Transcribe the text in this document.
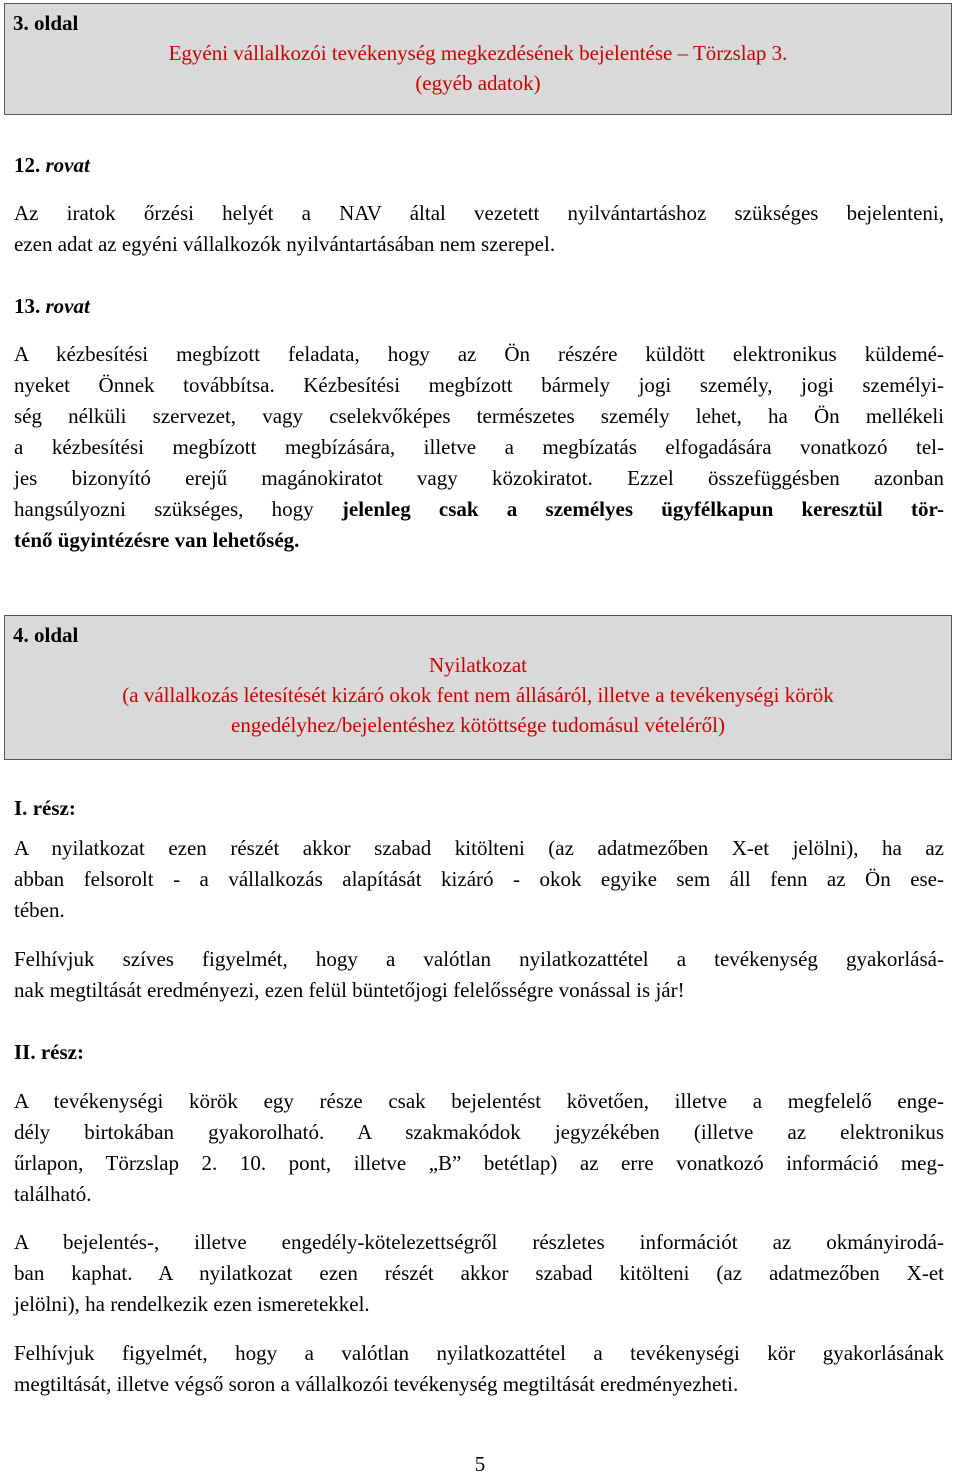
3. oldal
Egyéni vállalkozói tevékenység megkezdésének bejelentése – Törzslap 3.
(egyéb adatok)
12. rovat
Az iratok őrzési helyét a NAV által vezetett nyilvántartáshoz szükséges bejelenteni,
ezen adat az egyéni vállalkozók nyilvántartásában nem szerepel.
13. rovat
A kézbesítési megbízott feladata, hogy az Ön részére küldött elektronikus küldemé-
nyeket Önnek továbbítsa. Kézbesítési megbízott bármely jogi személy, jogi személyi-
ség nélküli szervezet, vagy cselekvőképes természetes személy lehet, ha Ön mellékeli
a kézbesítési megbízott megbízására, illetve a megbízatás elfogadására vonatkozó tel-
jes bizonyító erejű magánokiratot vagy közokiratot. Ezzel összefüggésben azonban
hangsúlyozni szükséges, hogy jelenleg csak a személyes ügyfélkapun keresztül tör-
ténő ügyintézésre van lehetőség.
4. oldal
Nyilatkozat
(a vállalkozás létesítését kizáró okok fent nem állásáról, illetve a tevékenységi körök
engedélyhez/bejelentéshez kötöttsége tudomásul vételéről)
I. rész:
A nyilatkozat ezen részét akkor szabad kitölteni (az adatmezőben X-et jelölni), ha az
abban felsorolt - a vállalkozás alapítását kizáró - okok egyike sem áll fenn az Ön ese-
tében.
Felhívjuk szíves figyelmét, hogy a valótlan nyilatkozattétel a tevékenység gyakorlásá-
nak megtiltását eredményezi, ezen felül büntetőjogi felelősségre vonással is jár!
II. rész:
A tevékenységi körök egy része csak bejelentést követően, illetve a megfelelő enge-
dély birtokában gyakorolható. A szakmakódok jegyzékében (illetve az elektronikus
űrlapon, Törzslap 2. 10. pont, illetve „B” betétlap) az erre vonatkozó információ meg-
található.
A bejelentés-, illetve engedély-kötelezettségről részletes információt az okmányirodá-
ban kaphat. A nyilatkozat ezen részét akkor szabad kitölteni (az adatmezőben X-et
jelölni), ha rendelkezik ezen ismeretekkel.
Felhívjuk figyelmét, hogy a valótlan nyilatkozattétel a tevékenységi kör gyakorlásának
megtiltását, illetve végső soron a vállalkozói tevékenység megtiltását eredményezheti.
5
